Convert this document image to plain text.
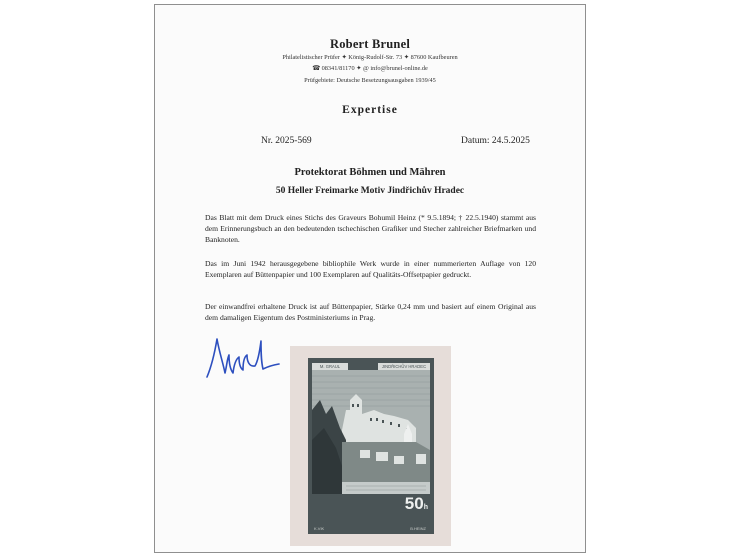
Robert Brunel
Philatelistischer Prüfer ✦ König-Rudolf-Str. 73 ✦ 87600 Kaufbeuren
☎ 08341/81170 ✦ @ info@brunel-online.de
Prüfgebiete: Deutsche Besetzungsausgaben 1939/45
Expertise
Nr. 2025-569	Datum: 24.5.2025
Protektorat Böhmen und Mähren
50 Heller Freimarke Motiv Jindřichův Hradec

Das Blatt mit dem Druck eines Stichs des Graveurs Bohumil Heinz (* 9.5.1894; † 22.5.1940) stammt aus dem Erinnerungsbuch an den bedeutenden tschechischen Grafiker und Stecher zahlreicher Briefmarken und Banknoten.

Das im Juni 1942 herausgegebene bibliophile Werk wurde in einer nummerierten Auflage von 120 Exemplaren auf Büttenpapier und 100 Exemplaren auf Qualitäts-Offsetpapier gedruckt.

Der einwandfrei erhaltene Druck ist auf Büttenpapier, Stärke 0,24 mm und basiert auf einem Original aus dem damaligen Eigentum des Postministeriums in Prag.

M. GRAUL	JINDŘICHŮV HRADEC
50h
K.VIK	B.HEINZ
